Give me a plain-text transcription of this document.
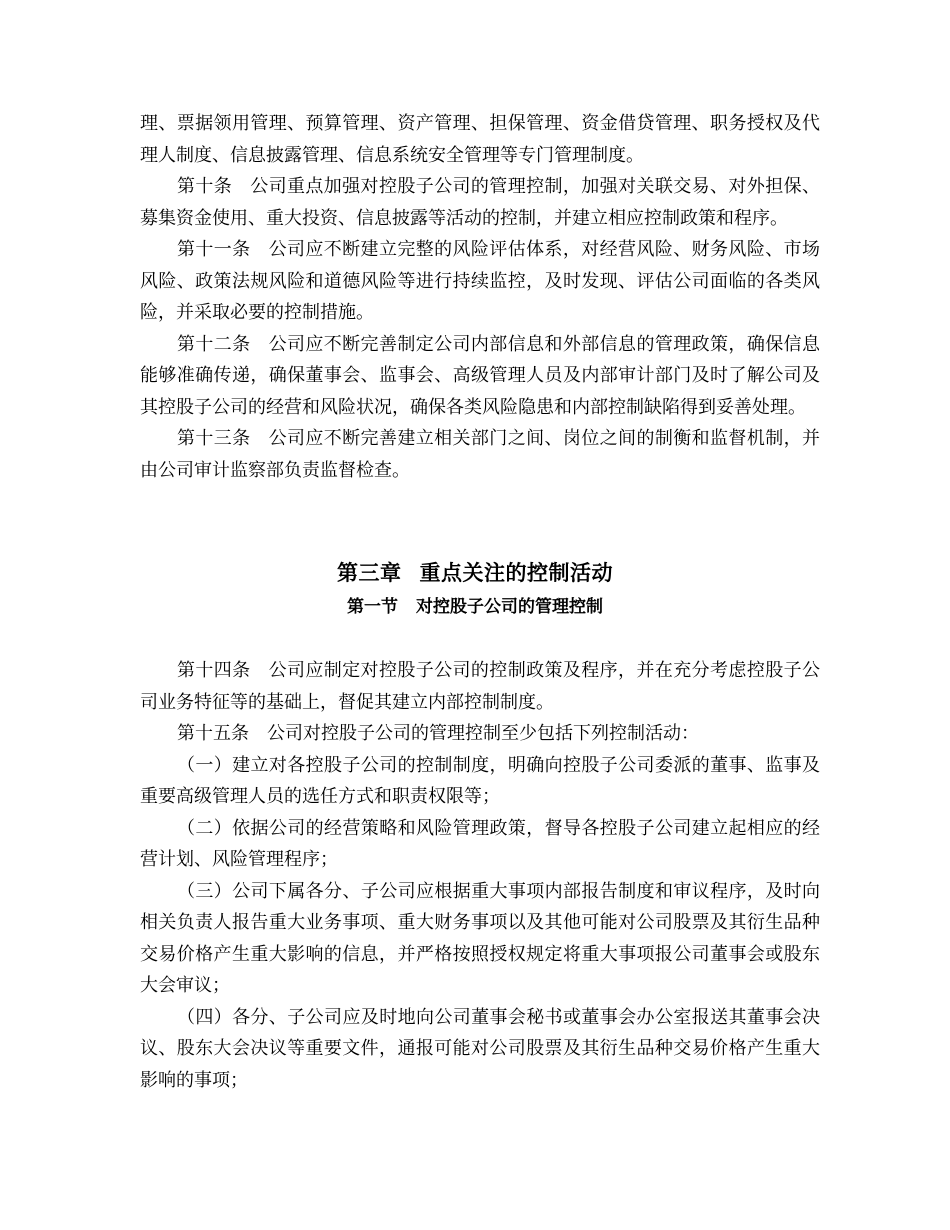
理、票据领用管理、预算管理、资产管理、担保管理、资金借贷管理、职务授权及代理人制度、信息披露管理、信息系统安全管理等专门管理制度。

第十条 公司重点加强对控股子公司的管理控制，加强对关联交易、对外担保、募集资金使用、重大投资、信息披露等活动的控制，并建立相应控制政策和程序。

第十一条 公司应不断建立完整的风险评估体系，对经营风险、财务风险、市场风险、政策法规风险和道德风险等进行持续监控，及时发现、评估公司面临的各类风险，并采取必要的控制措施。

第十二条 公司应不断完善制定公司内部信息和外部信息的管理政策，确保信息能够准确传递，确保董事会、监事会、高级管理人员及内部审计部门及时了解公司及其控股子公司的经营和风险状况，确保各类风险隐患和内部控制缺陷得到妥善处理。

第十三条 公司应不断完善建立相关部门之间、岗位之间的制衡和监督机制，并由公司审计监察部负责监督检查。

第三章 重点关注的控制活动
第一节 对控股子公司的管理控制

第十四条 公司应制定对控股子公司的控制政策及程序，并在充分考虑控股子公司业务特征等的基础上，督促其建立内部控制制度。

第十五条 公司对控股子公司的管理控制至少包括下列控制活动：

（一）建立对各控股子公司的控制制度，明确向控股子公司委派的董事、监事及重要高级管理人员的选任方式和职责权限等；

（二）依据公司的经营策略和风险管理政策，督导各控股子公司建立起相应的经营计划、风险管理程序；

（三）公司下属各分、子公司应根据重大事项内部报告制度和审议程序，及时向相关负责人报告重大业务事项、重大财务事项以及其他可能对公司股票及其衍生品种交易价格产生重大影响的信息，并严格按照授权规定将重大事项报公司董事会或股东大会审议；

（四）各分、子公司应及时地向公司董事会秘书或董事会办公室报送其董事会决议、股东大会决议等重要文件，通报可能对公司股票及其衍生品种交易价格产生重大影响的事项；
